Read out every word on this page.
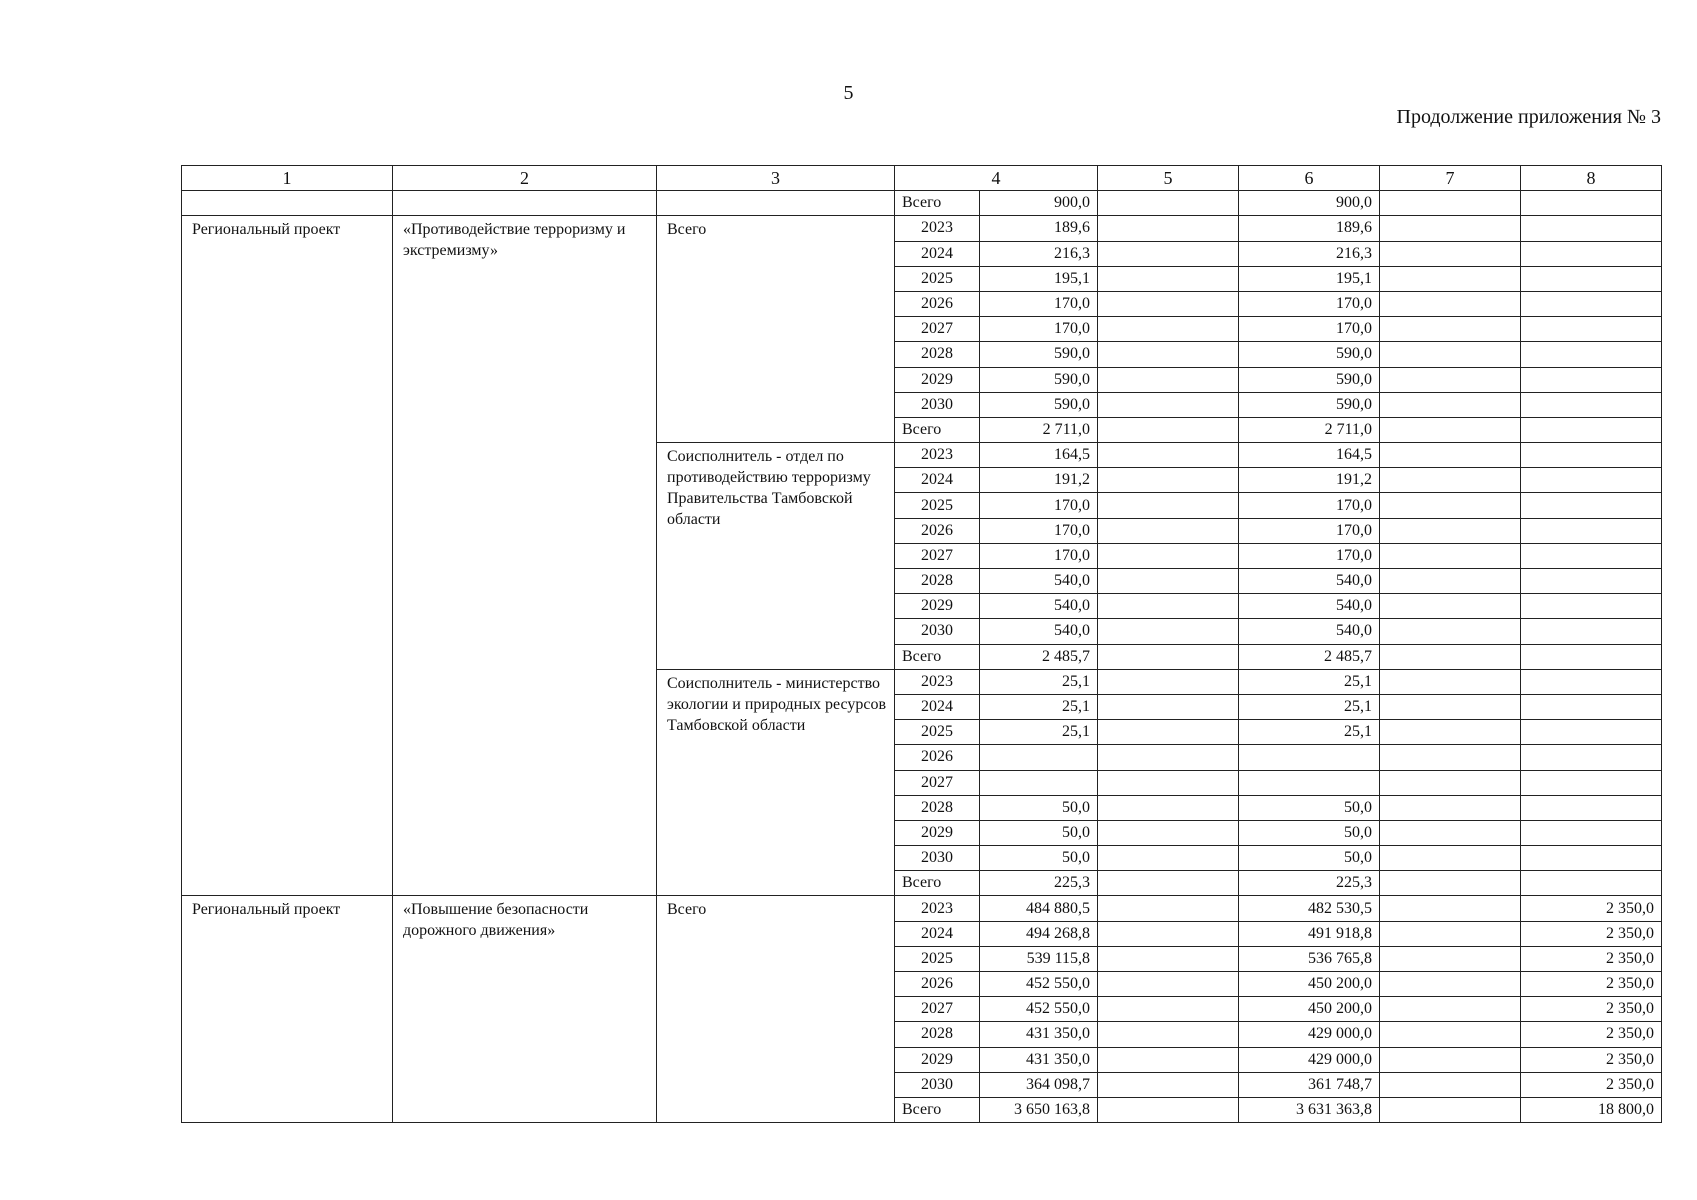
5
Продолжение приложения № 3
1	2	3	4		5	6	7	8
			Всего	900,0		900,0		
Региональный проект	«Противодействие терроризму и экстремизму»	Всего	2023	189,6		189,6		
			2024	216,3		216,3		
			2025	195,1		195,1		
			2026	170,0		170,0		
			2027	170,0		170,0		
			2028	590,0		590,0		
			2029	590,0		590,0		
			2030	590,0		590,0		
			Всего	2 711,0		2 711,0		
		Соисполнитель - отдел по противодействию терроризму Правительства Тамбовской области	2023	164,5		164,5		
			2024	191,2		191,2		
			2025	170,0		170,0		
			2026	170,0		170,0		
			2027	170,0		170,0		
			2028	540,0		540,0		
			2029	540,0		540,0		
			2030	540,0		540,0		
			Всего	2 485,7		2 485,7		
		Соисполнитель - министерство экологии и природных ресурсов Тамбовской области	2023	25,1		25,1		
			2024	25,1		25,1		
			2025	25,1		25,1		
			2026					
			2027					
			2028	50,0		50,0		
			2029	50,0		50,0		
			2030	50,0		50,0		
			Всего	225,3		225,3		
Региональный проект	«Повышение безопасности дорожного движения»	Всего	2023	484 880,5		482 530,5		2 350,0
			2024	494 268,8		491 918,8		2 350,0
			2025	539 115,8		536 765,8		2 350,0
			2026	452 550,0		450 200,0		2 350,0
			2027	452 550,0		450 200,0		2 350,0
			2028	431 350,0		429 000,0		2 350,0
			2029	431 350,0		429 000,0		2 350,0
			2030	364 098,7		361 748,7		2 350,0
			Всего	3 650 163,8		3 631 363,8		18 800,0
